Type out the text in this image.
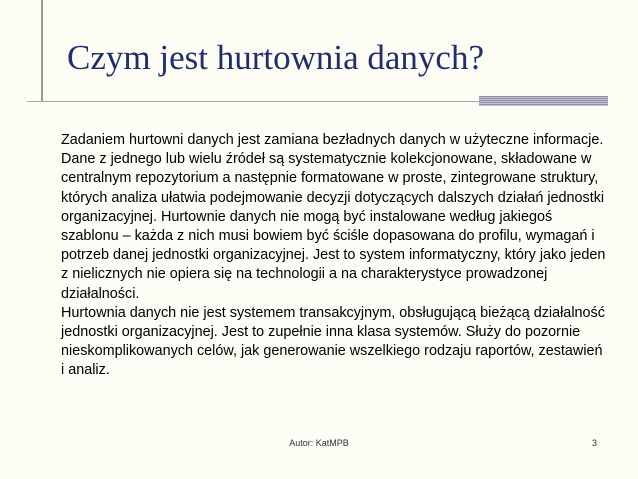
Czym jest hurtownia danych?

Zadaniem hurtowni danych jest zamiana bezładnych danych w użyteczne informacje. Dane z jednego lub wielu źródeł są systematycznie kolekcjonowane, składowane w centralnym repozytorium a następnie formatowane w proste, zintegrowane struktury, których analiza ułatwia podejmowanie decyzji dotyczących dalszych działań jednostki organizacyjnej. Hurtownie danych nie mogą być instalowane według jakiegoś szablonu – każda z nich musi bowiem być ściśle dopasowana do profilu, wymagań i potrzeb danej jednostki organizacyjnej. Jest to system informatyczny, który jako jeden z nielicznych nie opiera się na technologii a na charakterystyce prowadzonej działalności.

Hurtownia danych nie jest systemem transakcyjnym, obsługującą bieżącą działalność jednostki organizacyjnej. Jest to zupełnie inna klasa systemów. Służy do pozornie nieskomplikowanych celów, jak generowanie wszelkiego rodzaju raportów, zestawień i analiz.

Autor: KatMPB	3
